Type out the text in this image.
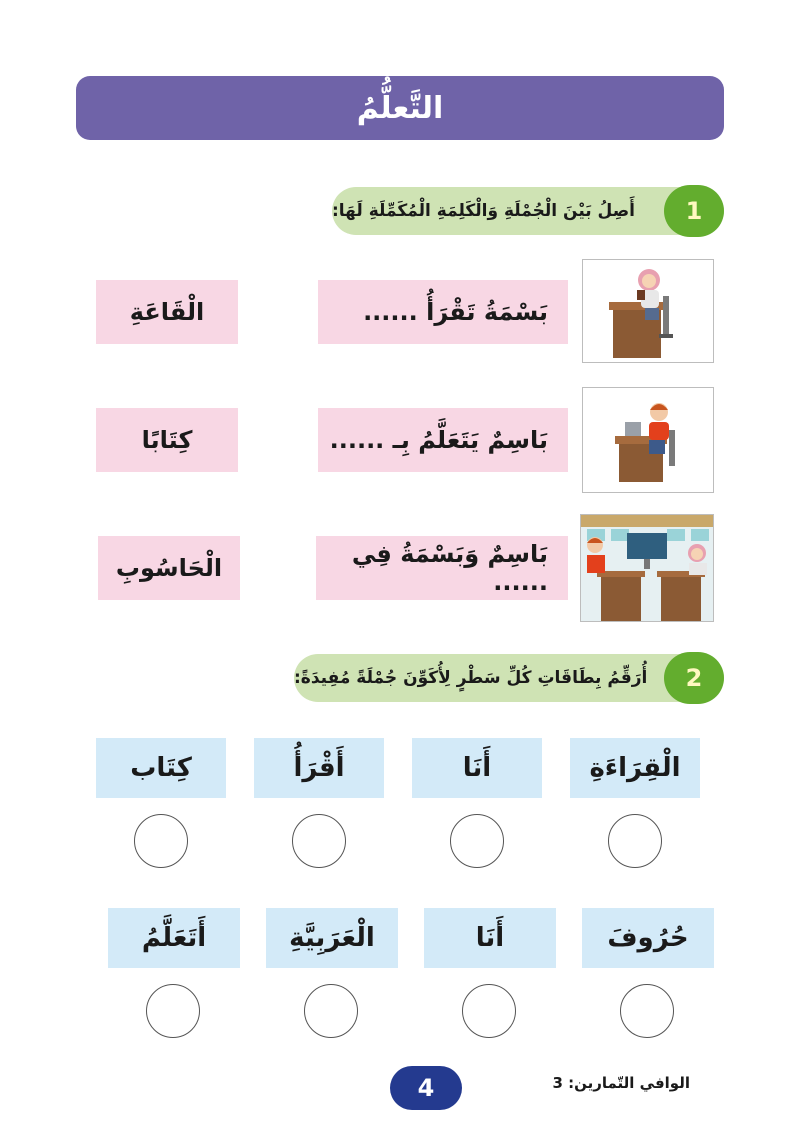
التَّعلُّمُ
أَصِلُ بَيْنَ الْجُمْلَةِ وَالْكَلِمَةِ الْمُكَمِّلَةِ لَهَا: 1
بَسْمَةُ تَقْرَأُ ......
الْقَاعَةِ
بَاسِمٌ يَتَعَلَّمُ بِـ ......
كِتَابًا
بَاسِمٌ وَبَسْمَةُ فِي ......
الْحَاسُوبِ
أُرَقِّمُ بِطَاقَاتِ كُلِّ سَطْرٍ لِأُكَوِّنَ جُمْلَةً مُفِيدَةً: 2
الْقِرَاءَةِ
أَنَا
أَقْرَأُ
كِتَاب
حُرُوفَ
أَنَا
الْعَرَبِيَّةِ
أَتَعَلَّمُ
4	الوافي التّمارين: 3
